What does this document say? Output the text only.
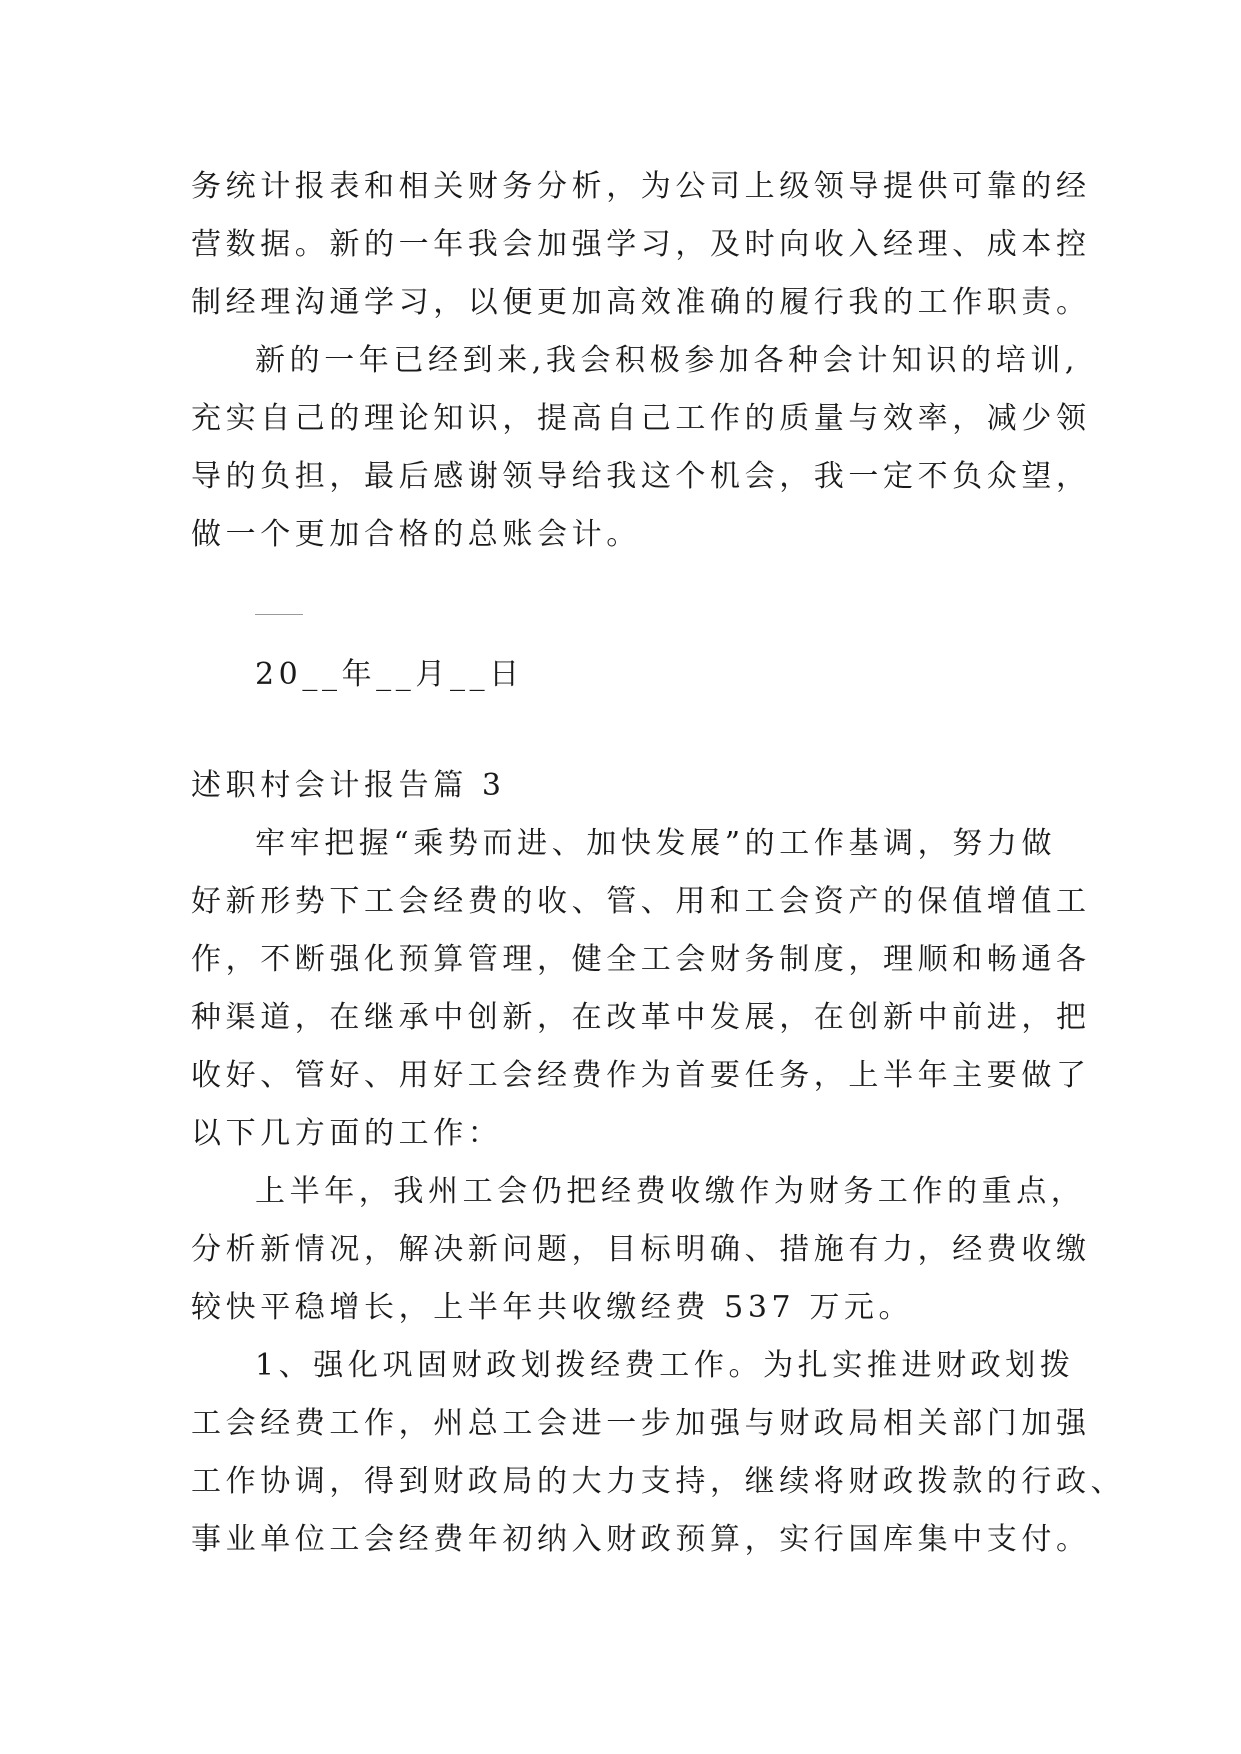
务统计报表和相关财务分析，为公司上级领导提供可靠的经
营数据。新的一年我会加强学习，及时向收入经理、成本控
制经理沟通学习，以便更加高效准确的履行我的工作职责。
新的一年已经到来,我会积极参加各种会计知识的培训,
充实自己的理论知识，提高自己工作的质量与效率，减少领
导的负担，最后感谢领导给我这个机会，我一定不负众望，
做一个更加合格的总账会计。
20__年__月__日
述职村会计报告篇 3
牢牢把握“乘势而进、加快发展”的工作基调，努力做
好新形势下工会经费的收、管、用和工会资产的保值增值工
作，不断强化预算管理，健全工会财务制度，理顺和畅通各
种渠道，在继承中创新，在改革中发展，在创新中前进，把
收好、管好、用好工会经费作为首要任务，上半年主要做了
以下几方面的工作：
上半年，我州工会仍把经费收缴作为财务工作的重点，
分析新情况，解决新问题，目标明确、措施有力，经费收缴
较快平稳增长，上半年共收缴经费 537 万元。
1、强化巩固财政划拨经费工作。为扎实推进财政划拨
工会经费工作，州总工会进一步加强与财政局相关部门加强
工作协调，得到财政局的大力支持，继续将财政拨款的行政、
事业单位工会经费年初纳入财政预算，实行国库集中支付。
